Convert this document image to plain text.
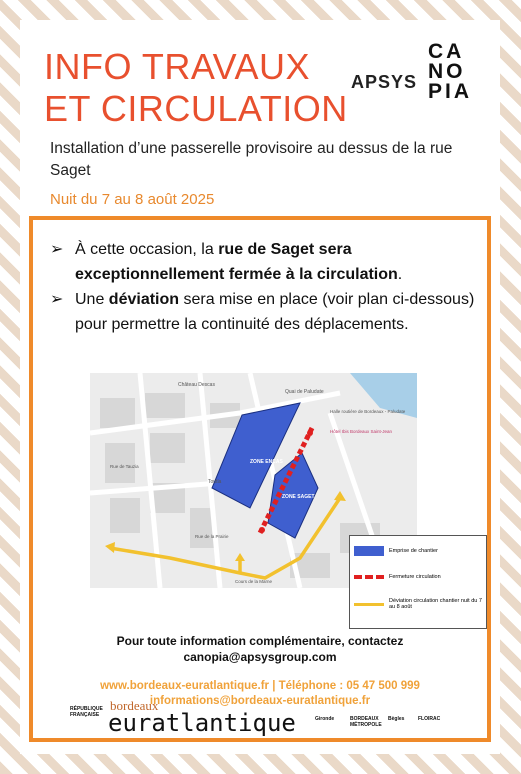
INFO TRAVAUX
ET CIRCULATION
APSYS
CA NO PIA

Installation d’une passerelle provisoire au dessus de la rue Saget

Nuit du 7 au 8 août 2025
➢ À cette occasion, la rue de Saget sera exceptionnellement fermée à la circulation.
➢ Une déviation sera mise en place (voir plan ci-dessous) pour permettre la continuité des déplacements.
Château Descas
Quai de Paludate
Halle routière de Bordeaux - Paludate
Hôtel Ibis Bordeaux Saint-Jean
Toutla
Rue de Tauzia
Rue de la Prairie
Cours de la Marne
ZONE ENCAS
ZONE SAGET
Emprise de chantier
Fermeture circulation
Déviation circulation chantier nuit du 7 au 8 août
Pour toute information complémentaire, contactez
canopia@apsysgroup.com
www.bordeaux-euratlantique.fr | Téléphone : 05 47 500 999
informations@bordeaux-euratlantique.fr
RÉPUBLIQUE FRANÇAISE
bordeaux
euratlantique	Gironde	BORDEAUX MÉTROPOLE
Bègles	FLOIRAC
